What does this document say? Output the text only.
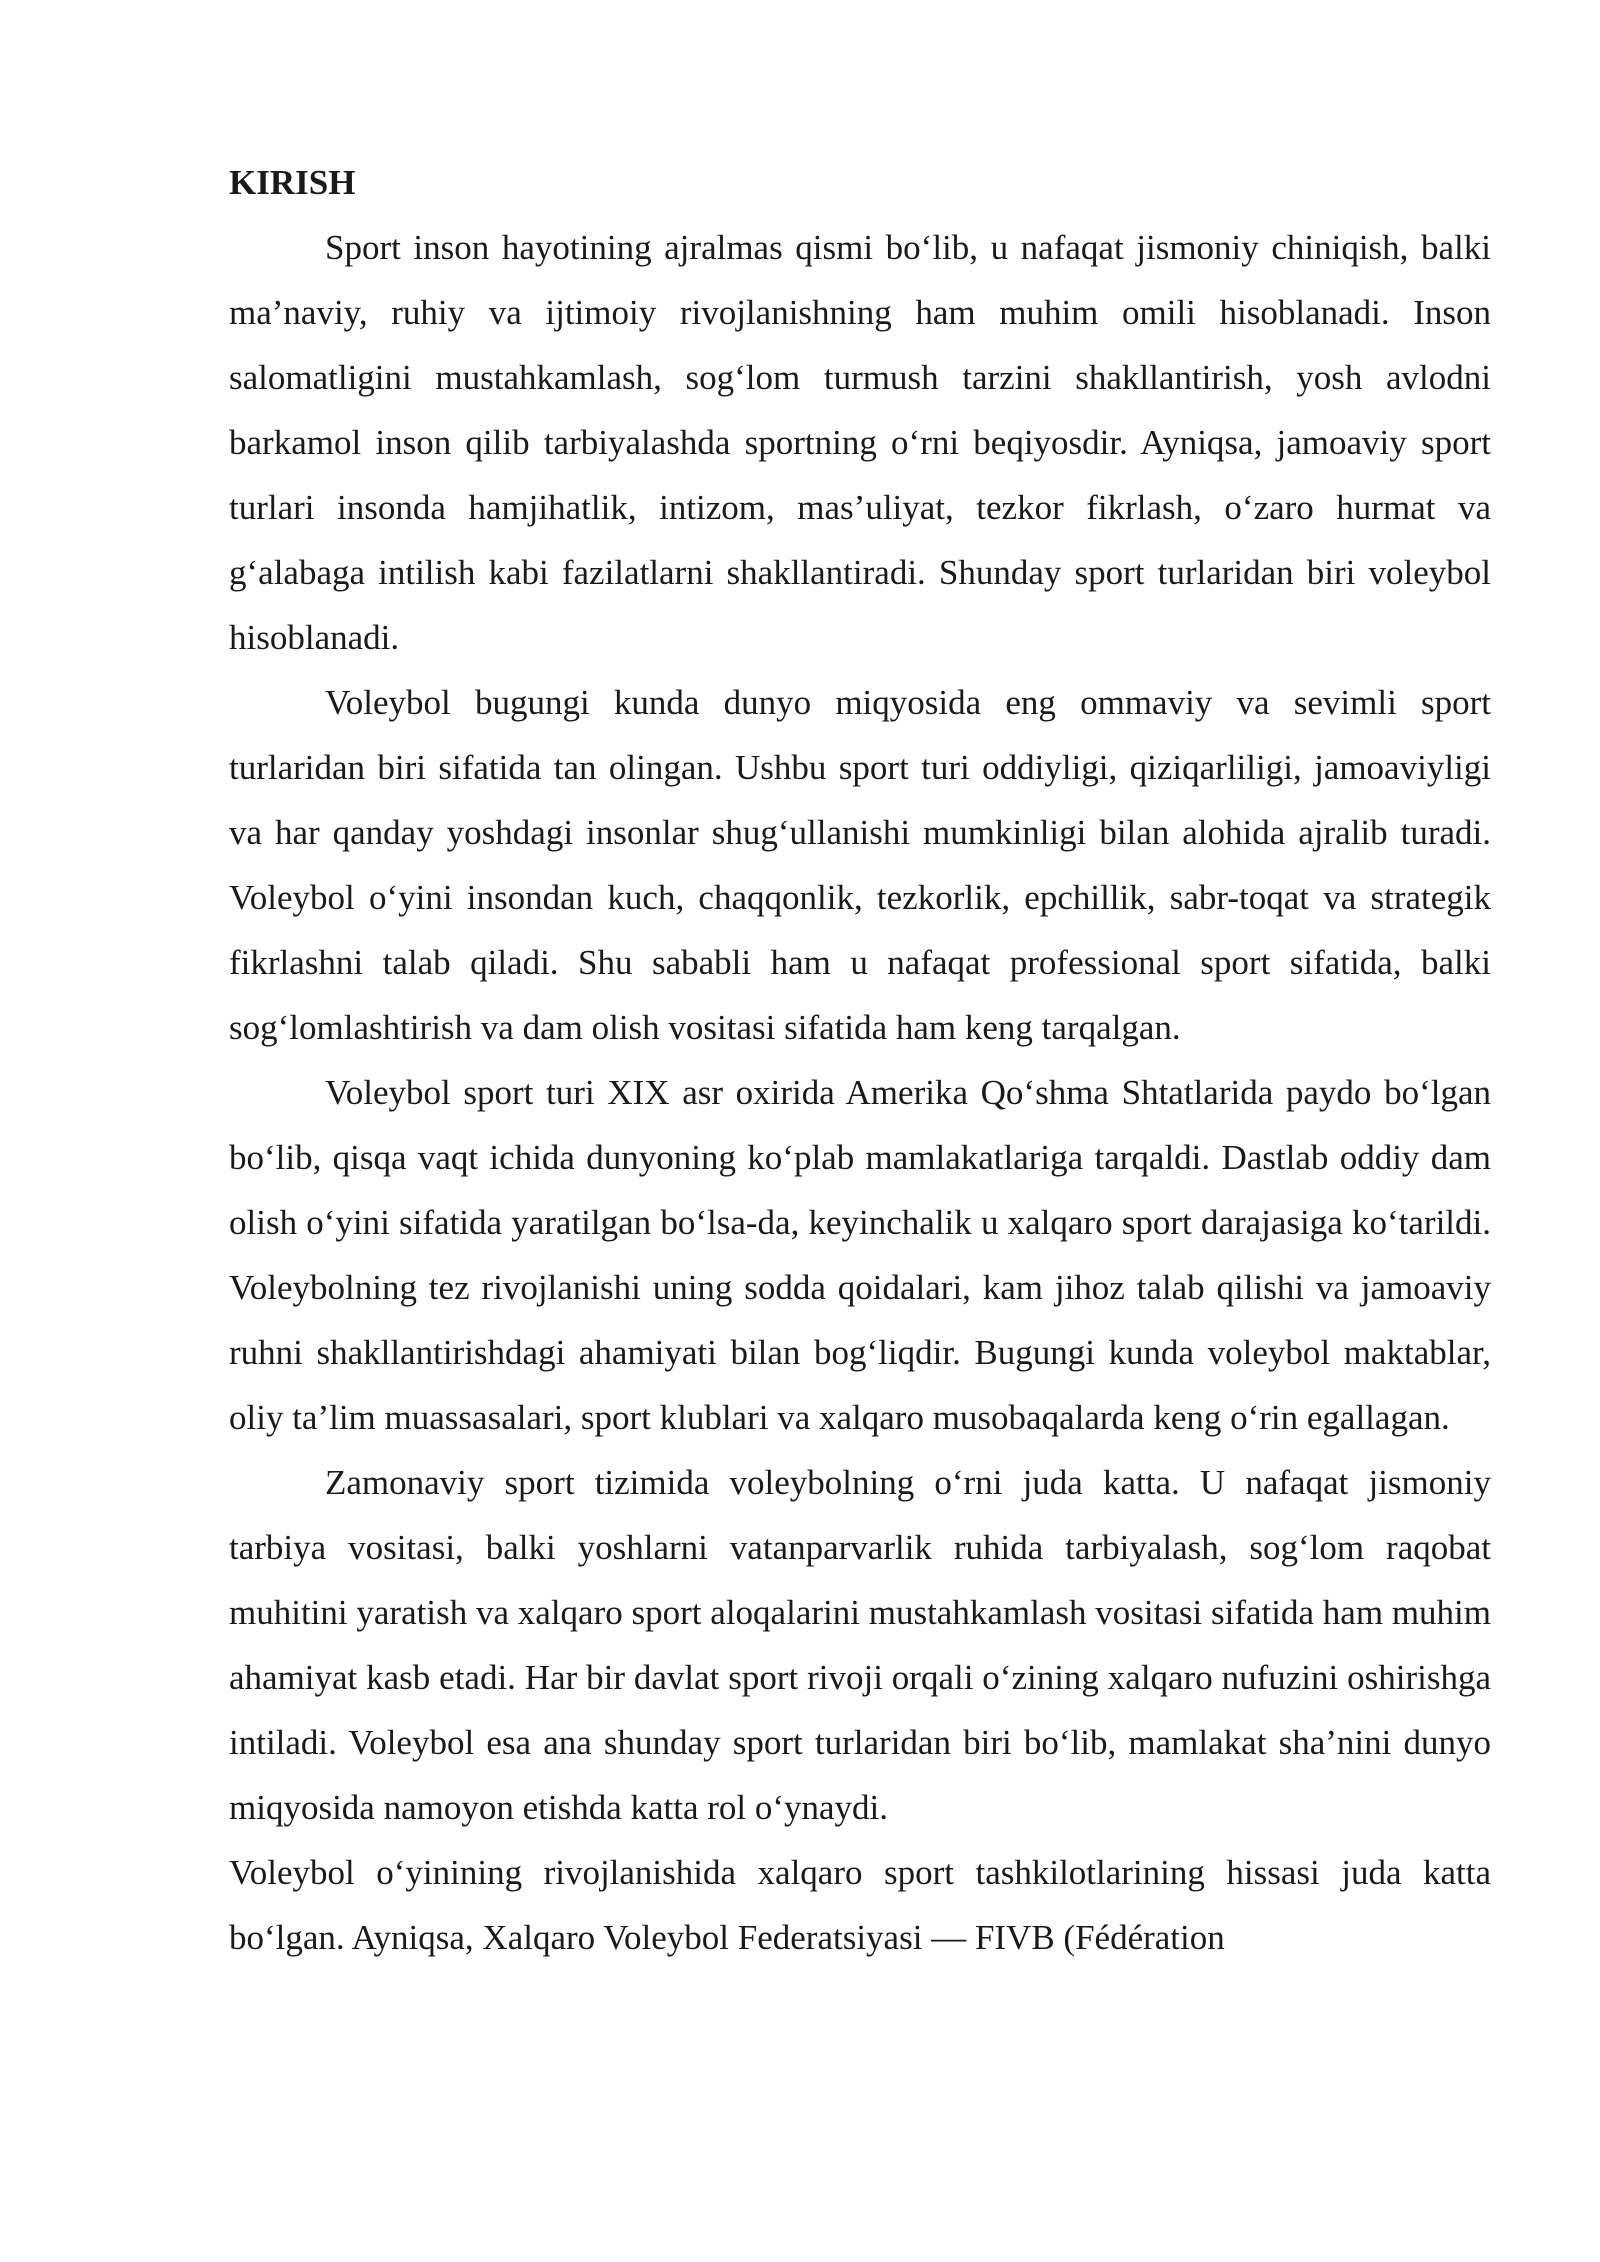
KIRISH

Sport inson hayotining ajralmas qismi bo‘lib, u nafaqat jismoniy chiniqish, balki ma’naviy, ruhiy va ijtimoiy rivojlanishning ham muhim omili hisoblanadi. Inson salomatligini mustahkamlash, sog‘lom turmush tarzini shakllantirish, yosh avlodni barkamol inson qilib tarbiyalashda sportning o‘rni beqiyosdir. Ayniqsa, jamoaviy sport turlari insonda hamjihatlik, intizom, mas’uliyat, tezkor fikrlash, o‘zaro hurmat va g‘alabaga intilish kabi fazilatlarni shakllantiradi. Shunday sport turlaridan biri voleybol hisoblanadi.

Voleybol bugungi kunda dunyo miqyosida eng ommaviy va sevimli sport turlaridan biri sifatida tan olingan. Ushbu sport turi oddiyligi, qiziqarliligi, jamoaviyligi va har qanday yoshdagi insonlar shug‘ullanishi mumkinligi bilan alohida ajralib turadi. Voleybol o‘yini insondan kuch, chaqqonlik, tezkorlik, epchillik, sabr-toqat va strategik fikrlashni talab qiladi. Shu sababli ham u nafaqat professional sport sifatida, balki sog‘lomlashtirish va dam olish vositasi sifatida ham keng tarqalgan.

Voleybol sport turi XIX asr oxirida Amerika Qo‘shma Shtatlarida paydo bo‘lgan bo‘lib, qisqa vaqt ichida dunyoning ko‘plab mamlakatlariga tarqaldi. Dastlab oddiy dam olish o‘yini sifatida yaratilgan bo‘lsa-da, keyinchalik u xalqaro sport darajasiga ko‘tarildi. Voleybolning tez rivojlanishi uning sodda qoidalari, kam jihoz talab qilishi va jamoaviy ruhni shakllantirishdagi ahamiyati bilan bog‘liqdir. Bugungi kunda voleybol maktablar, oliy ta’lim muassasalari, sport klublari va xalqaro musobaqalarda keng o‘rin egallagan.

Zamonaviy sport tizimida voleybolning o‘rni juda katta. U nafaqat jismoniy tarbiya vositasi, balki yoshlarni vatanparvarlik ruhida tarbiyalash, sog‘lom raqobat muhitini yaratish va xalqaro sport aloqalarini mustahkamlash vositasi sifatida ham muhim ahamiyat kasb etadi. Har bir davlat sport rivoji orqali o‘zining xalqaro nufuzini oshirishga intiladi. Voleybol esa ana shunday sport turlaridan biri bo‘lib, mamlakat sha’nini dunyo miqyosida namoyon etishda katta rol o‘ynaydi.

Voleybol o‘yinining rivojlanishida xalqaro sport tashkilotlarining hissasi juda katta bo‘lgan. Ayniqsa, Xalqaro Voleybol Federatsiyasi — FIVB (Fédération
